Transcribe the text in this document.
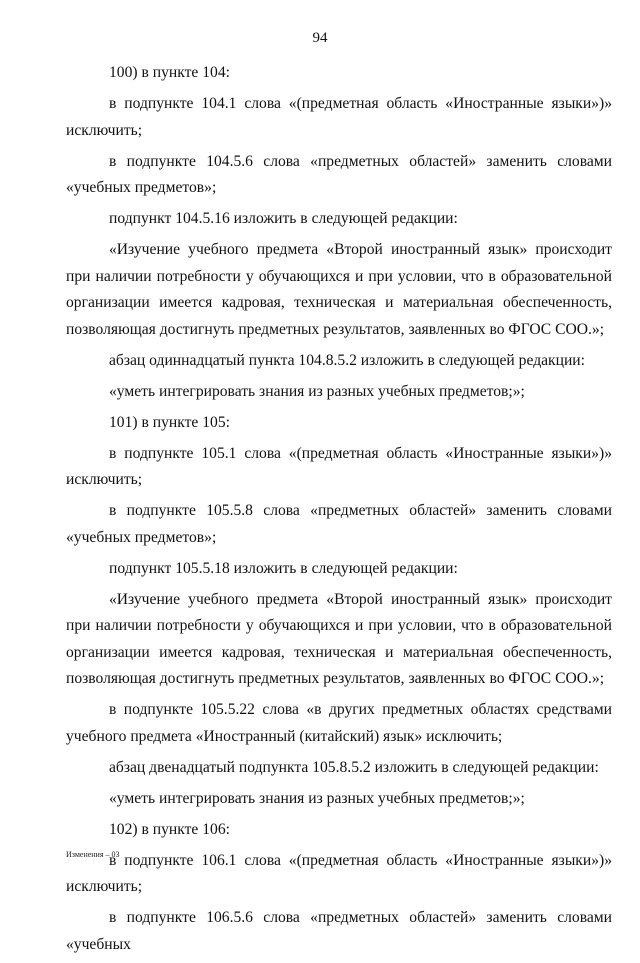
94

100) в пункте 104:

в подпункте 104.1 слова «(предметная область «Иностранные языки»)» исключить;

в подпункте 104.5.6 слова «предметных областей» заменить словами «учебных предметов»;

подпункт 104.5.16 изложить в следующей редакции:

«Изучение учебного предмета «Второй иностранный язык» происходит при наличии потребности у обучающихся и при условии, что в образовательной организации имеется кадровая, техническая и материальная обеспеченность, позволяющая достигнуть предметных результатов, заявленных во ФГОС СОО.»;

абзац одиннадцатый пункта 104.8.5.2 изложить в следующей редакции:

«уметь интегрировать знания из разных учебных предметов;»;

101) в пункте 105:

в подпункте 105.1 слова «(предметная область «Иностранные языки»)» исключить;

в подпункте 105.5.8 слова «предметных областей» заменить словами «учебных предметов»;

подпункт 105.5.18 изложить в следующей редакции:

«Изучение учебного предмета «Второй иностранный язык» происходит при наличии потребности у обучающихся и при условии, что в образовательной организации имеется кадровая, техническая и материальная обеспеченность, позволяющая достигнуть предметных результатов, заявленных во ФГОС СОО.»;

в подпункте 105.5.22 слова «в других предметных областях средствами учебного предмета «Иностранный (китайский) язык» исключить;

абзац двенадцатый подпункта 105.8.5.2 изложить в следующей редакции:

«уметь интегрировать знания из разных учебных предметов;»;

102) в пункте 106:

в подпункте 106.1 слова «(предметная область «Иностранные языки»)» исключить;

в подпункте 106.5.6 слова «предметных областей» заменить словами «учебных

Изменения – 03
